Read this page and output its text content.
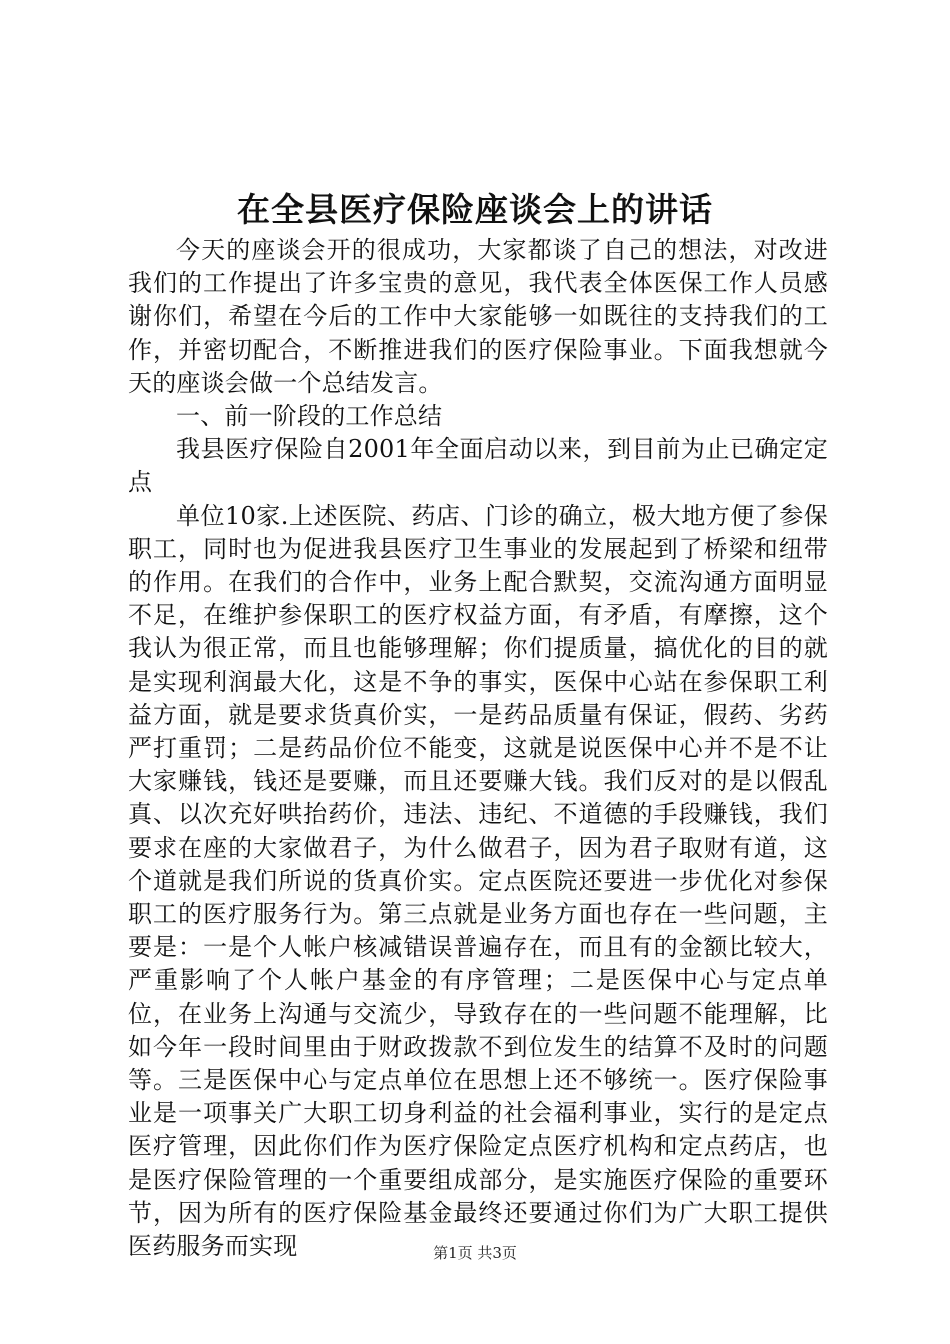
在全县医疗保险座谈会上的讲话

今天的座谈会开的很成功，大家都谈了自己的想法，对改进我们的工作提出了许多宝贵的意见，我代表全体医保工作人员感谢你们，希望在今后的工作中大家能够一如既往的支持我们的工作，并密切配合，不断推进我们的医疗保险事业。下面我想就今天的座谈会做一个总结发言。

一、前一阶段的工作总结

我县医疗保险自2001年全面启动以来，到目前为止已确定定点

单位10家.上述医院、药店、门诊的确立，极大地方便了参保职工，同时也为促进我县医疗卫生事业的发展起到了桥梁和纽带的作用。在我们的合作中，业务上配合默契，交流沟通方面明显不足，在维护参保职工的医疗权益方面，有矛盾，有摩擦，这个我认为很正常，而且也能够理解；你们提质量，搞优化的目的就是实现利润最大化，这是不争的事实，医保中心站在参保职工利益方面，就是要求货真价实，一是药品质量有保证，假药、劣药严打重罚；二是药品价位不能变，这就是说医保中心并不是不让大家赚钱，钱还是要赚，而且还要赚大钱。我们反对的是以假乱真、以次充好哄抬药价，违法、违纪、不道德的手段赚钱，我们要求在座的大家做君子，为什么做君子，因为君子取财有道，这个道就是我们所说的货真价实。定点医院还要进一步优化对参保职工的医疗服务行为。第三点就是业务方面也存在一些问题，主要是：一是个人帐户核减错误普遍存在，而且有的金额比较大，严重影响了个人帐户基金的有序管理；二是医保中心与定点单位，在业务上沟通与交流少，导致存在的一些问题不能理解，比如今年一段时间里由于财政拨款不到位发生的结算不及时的问题等。三是医保中心与定点单位在思想上还不够统一。医疗保险事业是一项事关广大职工切身利益的社会福利事业，实行的是定点医疗管理，因此你们作为医疗保险定点医疗机构和定点药店，也是医疗保险管理的一个重要组成部分，是实施医疗保险的重要环节，因为所有的医疗保险基金最终还要通过你们为广大职工提供医药服务而实现	第1页 共3页
